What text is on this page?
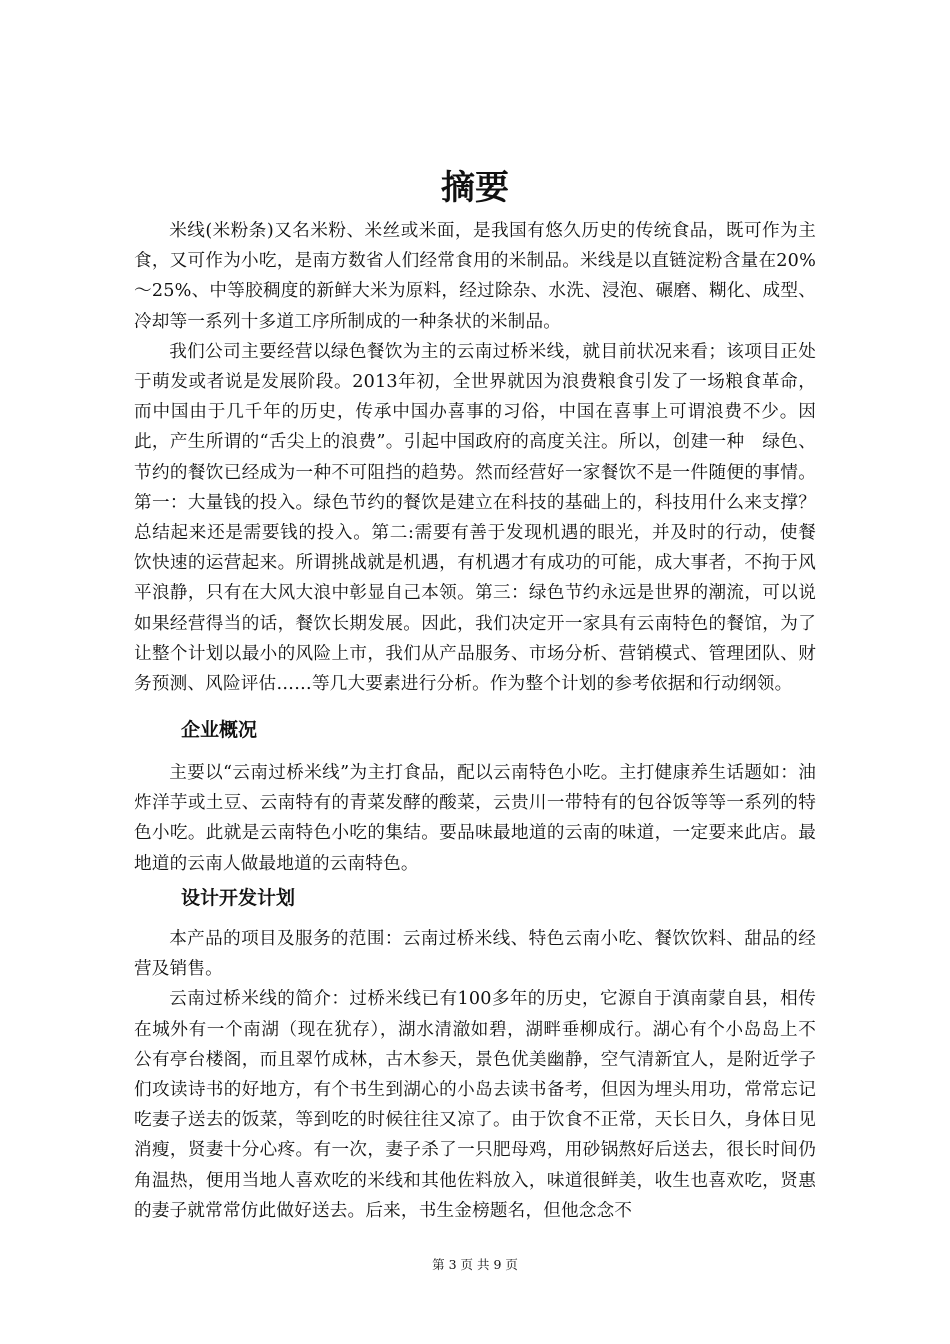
摘要

米线(米粉条)又名米粉、米丝或米面，是我国有悠久历史的传统食品，既可作为主食，又可作为小吃，是南方数省人们经常食用的米制品。米线是以直链淀粉含量在20%～25%、中等胶稠度的新鲜大米为原料，经过除杂、水洗、浸泡、碾磨、糊化、成型、冷却等一系列十多道工序所制成的一种条状的米制品。

我们公司主要经营以绿色餐饮为主的云南过桥米线，就目前状况来看；该项目正处于萌发或者说是发展阶段。2013年初，全世界就因为浪费粮食引发了一场粮食革命，而中国由于几千年的历史，传承中国办喜事的习俗，中国在喜事上可谓浪费不少。因此，产生所谓的“舌尖上的浪费”。引起中国政府的高度关注。所以，创建一种　绿色、节约的餐饮已经成为一种不可阻挡的趋势。然而经营好一家餐饮不是一件随便的事情。第一：大量钱的投入。绿色节约的餐饮是建立在科技的基础上的，科技用什么来支撑？总结起来还是需要钱的投入。第二:需要有善于发现机遇的眼光，并及时的行动，使餐饮快速的运营起来。所谓挑战就是机遇，有机遇才有成功的可能，成大事者，不拘于风平浪静，只有在大风大浪中彰显自己本领。第三：绿色节约永远是世界的潮流，可以说如果经营得当的话，餐饮长期发展。因此，我们决定开一家具有云南特色的餐馆，为了让整个计划以最小的风险上市，我们从产品服务、市场分析、营销模式、管理团队、财务预测、风险评估……等几大要素进行分析。作为整个计划的参考依据和行动纲领。

企业概况

主要以“云南过桥米线”为主打食品，配以云南特色小吃。主打健康养生话题如：油炸洋芋或土豆、云南特有的青菜发酵的酸菜，云贵川一带特有的包谷饭等等一系列的特色小吃。此就是云南特色小吃的集结。要品味最地道的云南的味道，一定要来此店。最地道的云南人做最地道的云南特色。

设计开发计划

本产品的项目及服务的范围：云南过桥米线、特色云南小吃、餐饮饮料、甜品的经营及销售。

云南过桥米线的简介：过桥米线已有100多年的历史，它源自于滇南蒙自县，相传在城外有一个南湖（现在犹存），湖水清澈如碧，湖畔垂柳成行。湖心有个小岛岛上不公有亭台楼阁，而且翠竹成林，古木参天，景色优美幽静，空气清新宜人，是附近学子们攻读诗书的好地方，有个书生到湖心的小岛去读书备考，但因为埋头用功，常常忘记吃妻子送去的饭菜，等到吃的时候往往又凉了。由于饮食不正常，天长日久，身体日见消瘦，贤妻十分心疼。有一次，妻子杀了一只肥母鸡，用砂锅熬好后送去，很长时间仍角温热，便用当地人喜欢吃的米线和其他佐料放入，味道很鲜美，收生也喜欢吃，贤惠的妻子就常常仿此做好送去。后来，书生金榜题名，但他念念不

第 3 页 共 9 页
